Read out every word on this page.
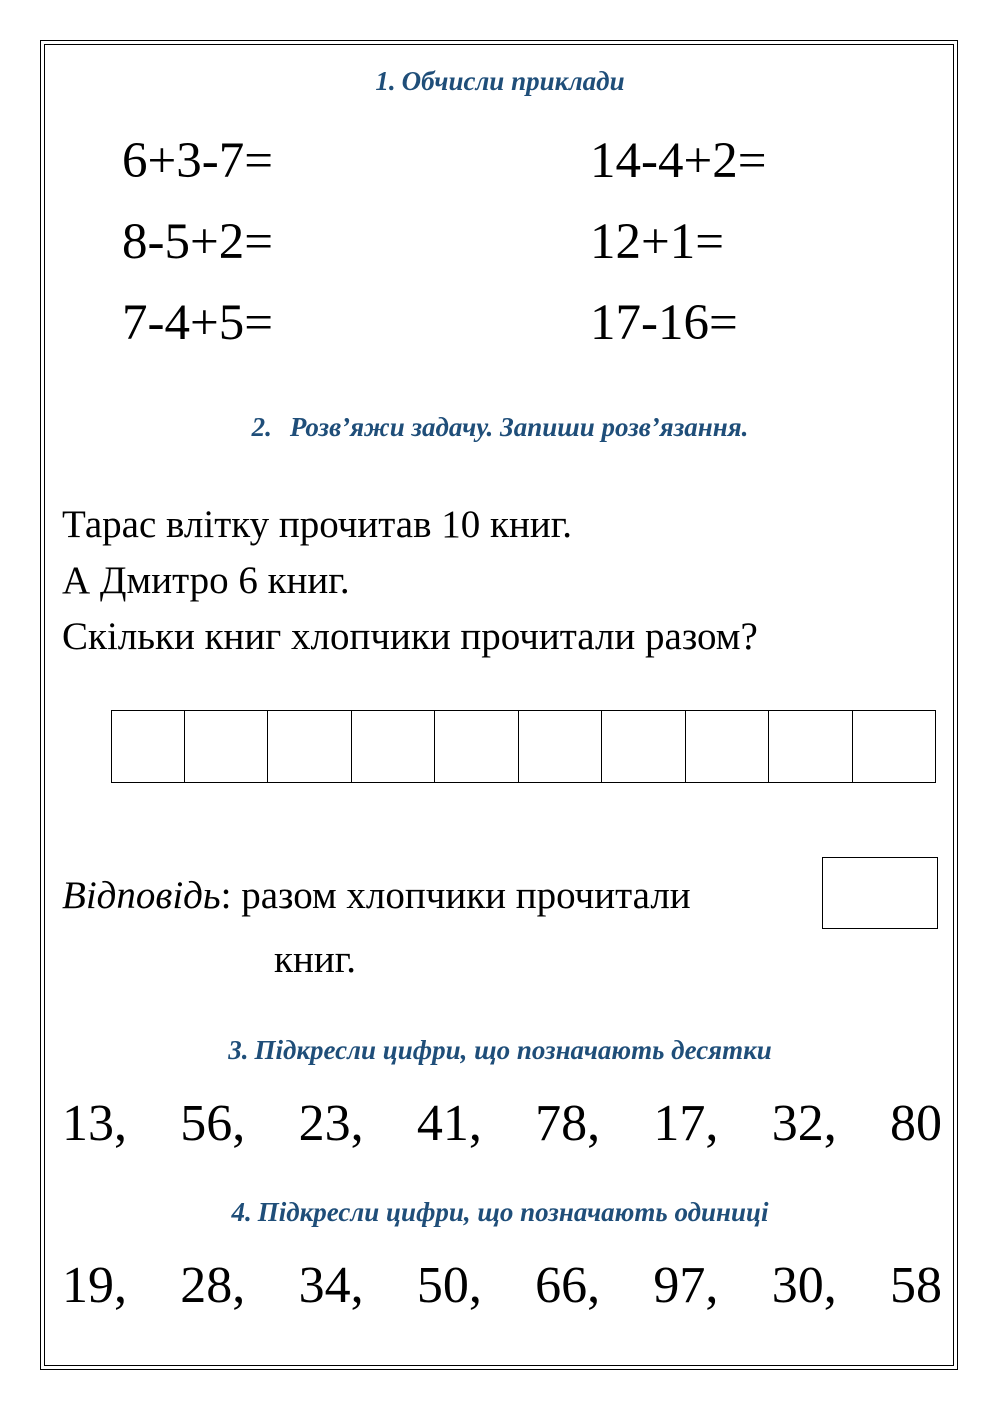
1. Обчисли приклади
6+3-7=
8-5+2=
7-4+5=
14-4+2=
12+1=
17-16=
2. Розв’яжи задачу. Запиши розв’язання.
Тарас влітку прочитав 10 книг.
А Дмитро 6 книг.
Скільки книг хлопчики прочитали разом?
Відповідь: разом хлопчики прочитали
книг.
3. Підкресли цифри, що позначають десятки
13, 56, 23, 41, 78, 17, 32, 80
4. Підкресли цифри, що позначають одиниці
19, 28, 34, 50, 66, 97, 30, 58
